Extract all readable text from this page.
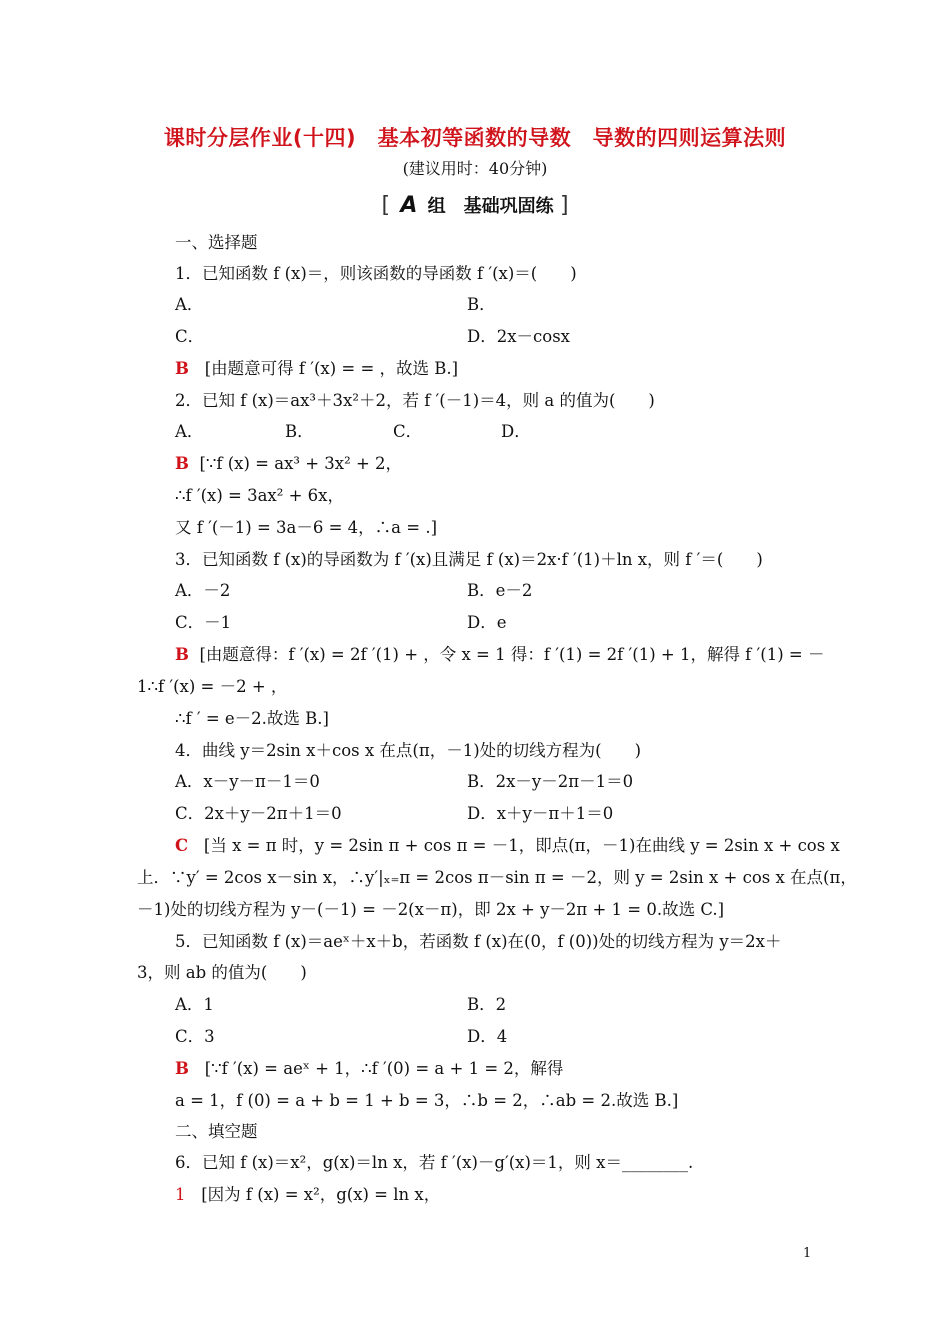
课时分层作业(十四)　基本初等函数的导数　导数的四则运算法则
(建议用时：40分钟)
[ A 组　基础巩固练 ]
一、选择题
1．已知函数 f (x)＝，则该函数的导函数 f ′(x)＝(　　)
A．	B．
C．	D．2x－cosx
B [由题意可得 f ′(x) = = ，故选 B.]
2．已知 f (x)＝ax³＋3x²＋2，若 f ′(－1)＝4，则 a 的值为(　　)
A．	B．	C．	D．
B [∵f (x) = ax³ + 3x² + 2，
∴f ′(x) = 3ax² + 6x，
又 f ′(－1) = 3a－6 = 4，∴a = .]
3．已知函数 f (x)的导函数为 f ′(x)且满足 f (x)＝2x·f ′(1)＋ln x，则 f ′＝(　　)
A．－2	B．e－2
C．－1	D．e
B [由题意得：f ′(x) = 2f ′(1) + ，令 x = 1 得：f ′(1) = 2f ′(1) + 1，解得 f ′(1) = －
1∴f ′(x) = －2 + ，
∴f ′ = e－2.故选 B.]
4．曲线 y＝2sin x＋cos x 在点(π，－1)处的切线方程为(　　)
A．x－y－π－1＝0	B．2x－y－2π－1＝0
C．2x＋y－2π＋1＝0	D．x＋y－π＋1＝0
C [当 x = π 时，y = 2sin π + cos π = －1，即点(π，－1)在曲线 y = 2sin x + cos x
上．∵y′ = 2cos x－sin x，∴y′|ₓ₌π = 2cos π－sin π = －2，则 y = 2sin x + cos x 在点(π，
－1)处的切线方程为 y－(－1) = －2(x－π)，即 2x + y－2π + 1 = 0.故选 C.]
5．已知函数 f (x)＝aeˣ＋x＋b，若函数 f (x)在(0，f (0))处的切线方程为 y＝2x＋
3，则 ab 的值为(　　)
A．1	B．2
C．3	D．4
B [∵f ′(x) = aeˣ + 1，∴f ′(0) = a + 1 = 2，解得
a = 1，f (0) = a + b = 1 + b = 3，∴b = 2，∴ab = 2.故选 B.]
二、填空题
6．已知 f (x)＝x²，g(x)＝ln x，若 f ′(x)－g′(x)＝1，则 x＝________.
1 [因为 f (x) = x²，g(x) = ln x，
1
